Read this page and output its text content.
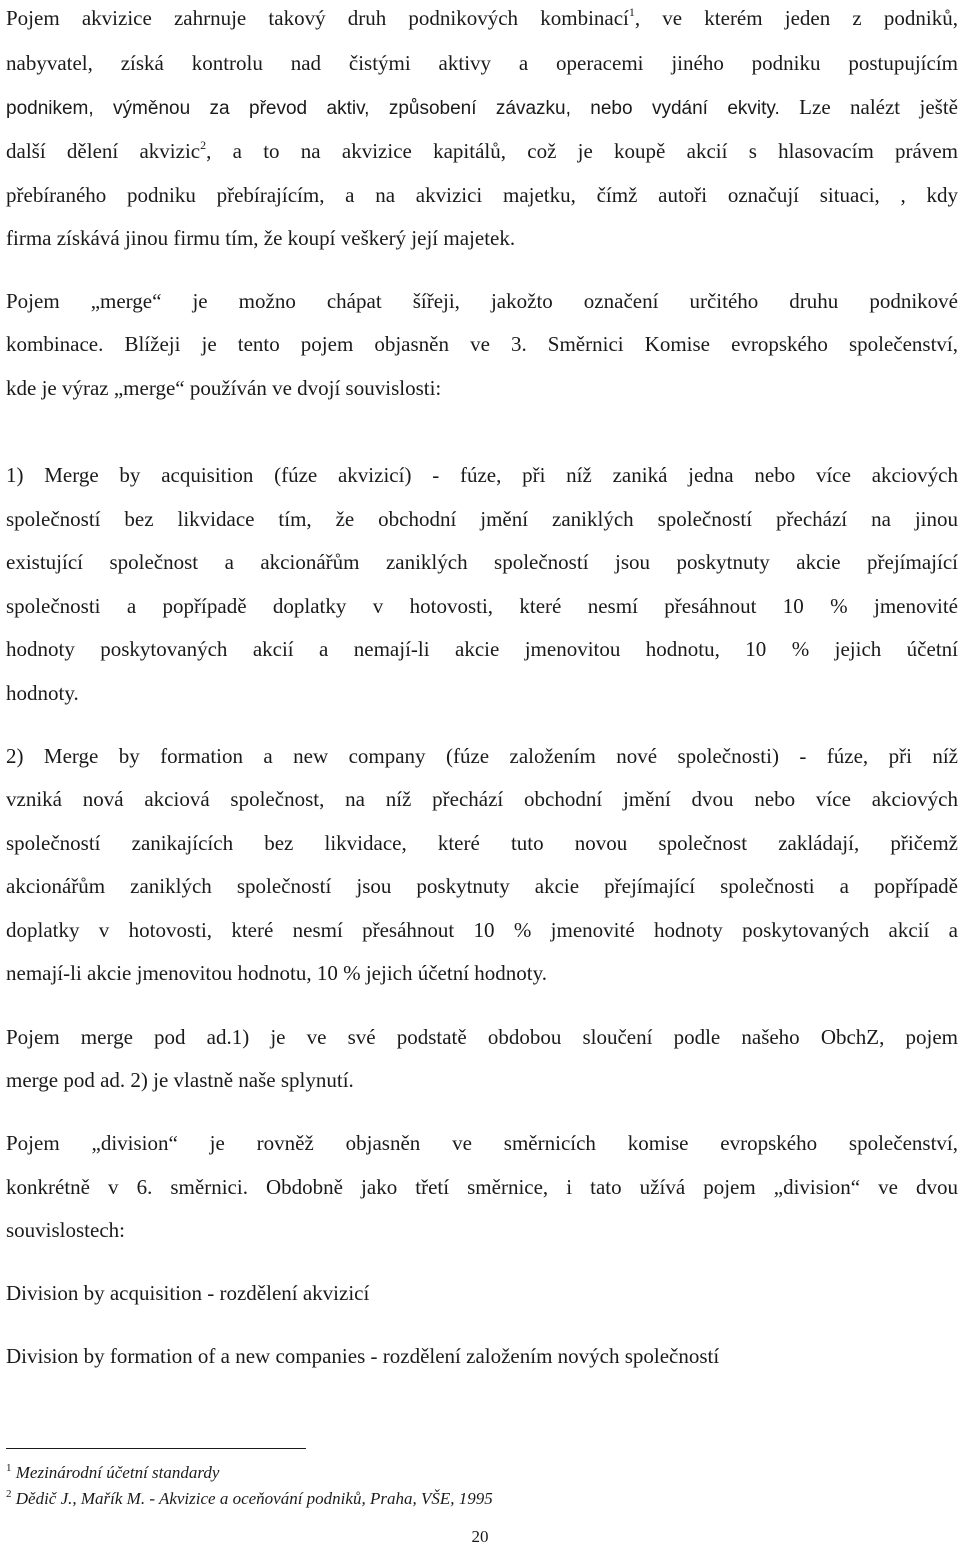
Pojem akvizice zahrnuje takový druh podnikových kombinací$^1$, ve kterém jeden z podniků,
nabyvatel, získá kontrolu nad čistými aktivy a operacemi jiného podniku postupujícím
podnikem, výměnou za převod aktiv, způsobení závazku, nebo vydání ekvity. Lze nalézt ještě
další dělení akvizic$^2$, a to na akvizice kapitálů, což je koupě akcií s hlasovacím právem
přebíraného podniku přebírajícím, a na akvizici majetku, čímž autoři označují situaci, , kdy
firma získává jinou firmu tím, že koupí veškerý její majetek.
Pojem „merge“ je možno chápat šířeji, jakožto označení určitého druhu podnikové
kombinace. Blížeji je tento pojem objasněn ve 3. Směrnici Komise evropského společenství,
kde je výraz „merge“ používán ve dvojí souvislosti:
1) Merge by acquisition (fúze akvizicí) - fúze, při níž zaniká jedna nebo více akciových
společností bez likvidace tím, že obchodní jmění zaniklých společností přechází na jinou
existující společnost a akcionářům zaniklých společností jsou poskytnuty akcie přejímající
společnosti a popřípadě doplatky v hotovosti, které nesmí přesáhnout 10 % jmenovité
hodnoty poskytovaných akcií a nemají-li akcie jmenovitou hodnotu, 10 % jejich účetní
hodnoty.
2) Merge by formation a new company (fúze založením nové společnosti) - fúze, při níž
vzniká nová akciová společnost, na níž přechází obchodní jmění dvou nebo více akciových
společností zanikajících bez likvidace, které tuto novou společnost zakládají, přičemž
akcionářům zaniklých společností jsou poskytnuty akcie přejímající společnosti a popřípadě
doplatky v hotovosti, které nesmí přesáhnout 10 % jmenovité hodnoty poskytovaných akcií a
nemají-li akcie jmenovitou hodnotu, 10 % jejich účetní hodnoty.
Pojem merge pod ad.1) je ve své podstatě obdobou sloučení podle našeho ObchZ, pojem
merge pod ad. 2) je vlastně naše splynutí.
Pojem „division“ je rovněž objasněn ve směrnicích komise evropského společenství,
konkrétně v 6. směrnici. Obdobně jako třetí směrnice, i tato užívá pojem „division“ ve dvou
souvislostech:
Division by acquisition - rozdělení akvizicí
Division by formation of a new companies - rozdělení založením nových společností
$^1$ Mezinárodní účetní standardy
$^2$ Dědič J., Mařík M. - Akvizice a oceňování podniků, Praha, VŠE, 1995
20
